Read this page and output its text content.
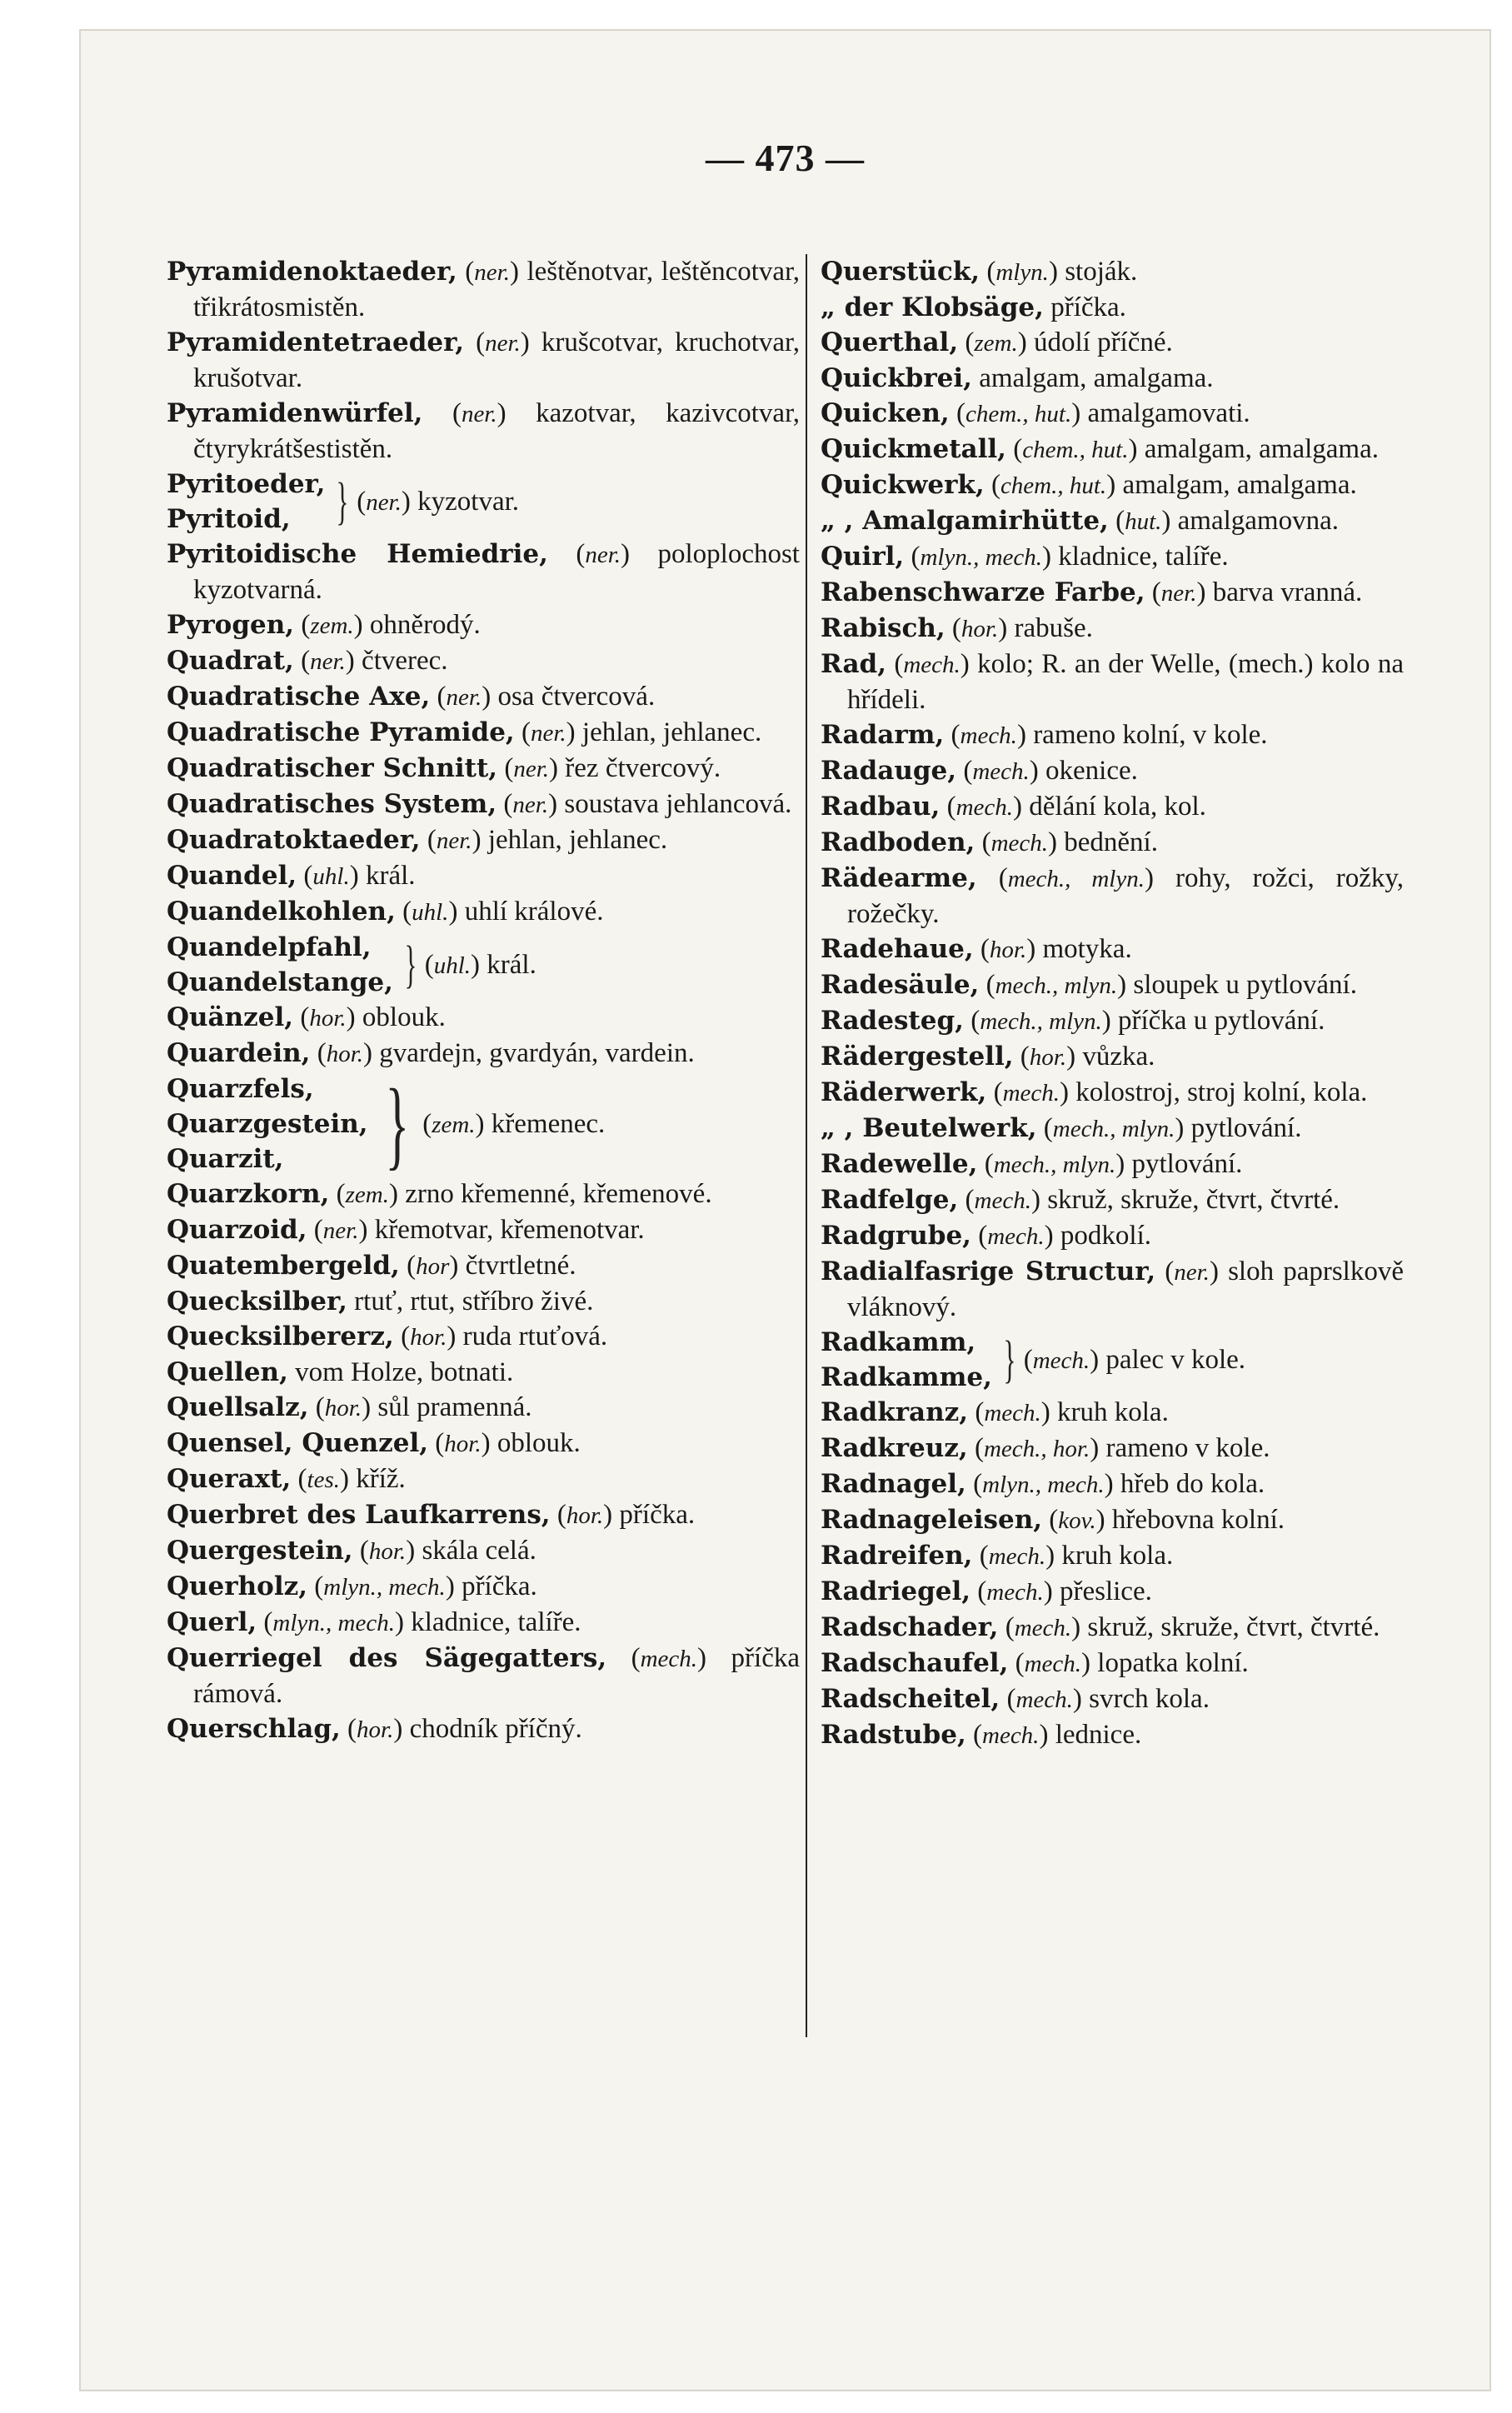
— 473 —
Pyramidenoktaeder, (ner.) leštěnotvar, leštěncotvar, třikrátosmistěn.
Pyramidentetraeder, (ner.) krušcotvar, kruchotvar, krušotvar.
Pyramidenwürfel, (ner.) kazotvar, kazivcotvar, čtyrykrátšestistěn.
Pyritoeder,
Pyritoid, } (ner.) kyzotvar.
Pyritoidische Hemiedrie, (ner.) poloplochost kyzotvarná.
Pyrogen, (zem.) ohněrodý.
Quadrat, (ner.) čtverec.
Quadratische Axe, (ner.) osa čtvercová.
Quadratische Pyramide, (ner.) jehlan, jehlanec.
Quadratischer Schnitt, (ner.) řez čtvercový.
Quadratisches System, (ner.) soustava jehlancová.
Quadratoktaeder, (ner.) jehlan, jehlanec.
Quandel, (uhl.) král.
Quandelkohlen, (uhl.) uhlí králové.
Quandelpfahl,
Quandelstange, } (uhl.) král.
Quänzel, (hor.) oblouk.
Quardein, (hor.) gvardejn, gvardyán, vardein.
Quarzfels,
Quarzgestein,
Quarzit,	} (zem.) křemenec.
Quarzkorn, (zem.) zrno křemenné, křemenové.
Quarzoid, (ner.) křemotvar, křemenotvar.
Quatembergeld, (hor) čtvrtletné.
Quecksilber, rtuť, rtut, stříbro živé.
Quecksilbererz, (hor.) ruda rtuťová.
Quellen, vom Holze, botnati.
Quellsalz, (hor.) sůl pramenná.
Quensel, Quenzel, (hor.) oblouk.
Queraxt, (tes.) kříž.
Querbret des Laufkarrens, (hor.) příčka.
Quergestein, (hor.) skála celá.
Querholz, (mlyn., mech.) příčka.
Querl, (mlyn., mech.) kladnice, talíře.
Querriegel des Sägegatters, (mech.) příčka rámová.
Querschlag, (hor.) chodník příčný.
Querstück, (mlyn.) stoják.
„ der Klobsäge, příčka.
Querthal, (zem.) údolí příčné.
Quickbrei, amalgam, amalgama.
Quicken, (chem., hut.) amalgamovati.
Quickmetall, (chem., hut.) amalgam, amalgama.
Quickwerk, (chem., hut.) amalgam, amalgama.
„ , Amalgamirhütte, (hut.) amalgamovna.
Quirl, (mlyn., mech.) kladnice, talíře.
Rabenschwarze Farbe, (ner.) barva vranná.
Rabisch, (hor.) rabuše.
Rad, (mech.) kolo; R. an der Welle, (mech.) kolo na hřídeli.
Radarm, (mech.) rameno kolní, v kole.
Radauge, (mech.) okenice.
Radbau, (mech.) dělání kola, kol.
Radboden, (mech.) bednění.
Rädearme, (mech., mlyn.) rohy, rožci, rožky, rožečky.
Radehaue, (hor.) motyka.
Radesäule, (mech., mlyn.) sloupek u pytlování.
Radesteg, (mech., mlyn.) příčka u pytlování.
Rädergestell, (hor.) vůzka.
Räderwerk, (mech.) kolostroj, stroj kolní, kola.
„ , Beutelwerk, (mech., mlyn.) pytlování.
Radewelle, (mech., mlyn.) pytlování.
Radfelge, (mech.) skruž, skruže, čtvrt, čtvrté.
Radgrube, (mech.) podkolí.
Radialfasrige Structur, (ner.) sloh paprslkově vláknový.
Radkamm,
Radkamme, } (mech.) palec v kole.
Radkranz, (mech.) kruh kola.
Radkreuz, (mech., hor.) rameno v kole.
Radnagel, (mlyn., mech.) hřeb do kola.
Radnageleisen, (kov.) hřebovna kolní.
Radreifen, (mech.) kruh kola.
Radriegel, (mech.) přeslice.
Radschader, (mech.) skruž, skruže, čtvrt, čtvrté.
Radschaufel, (mech.) lopatka kolní.
Radscheitel, (mech.) svrch kola.
Radstube, (mech.) lednice.
